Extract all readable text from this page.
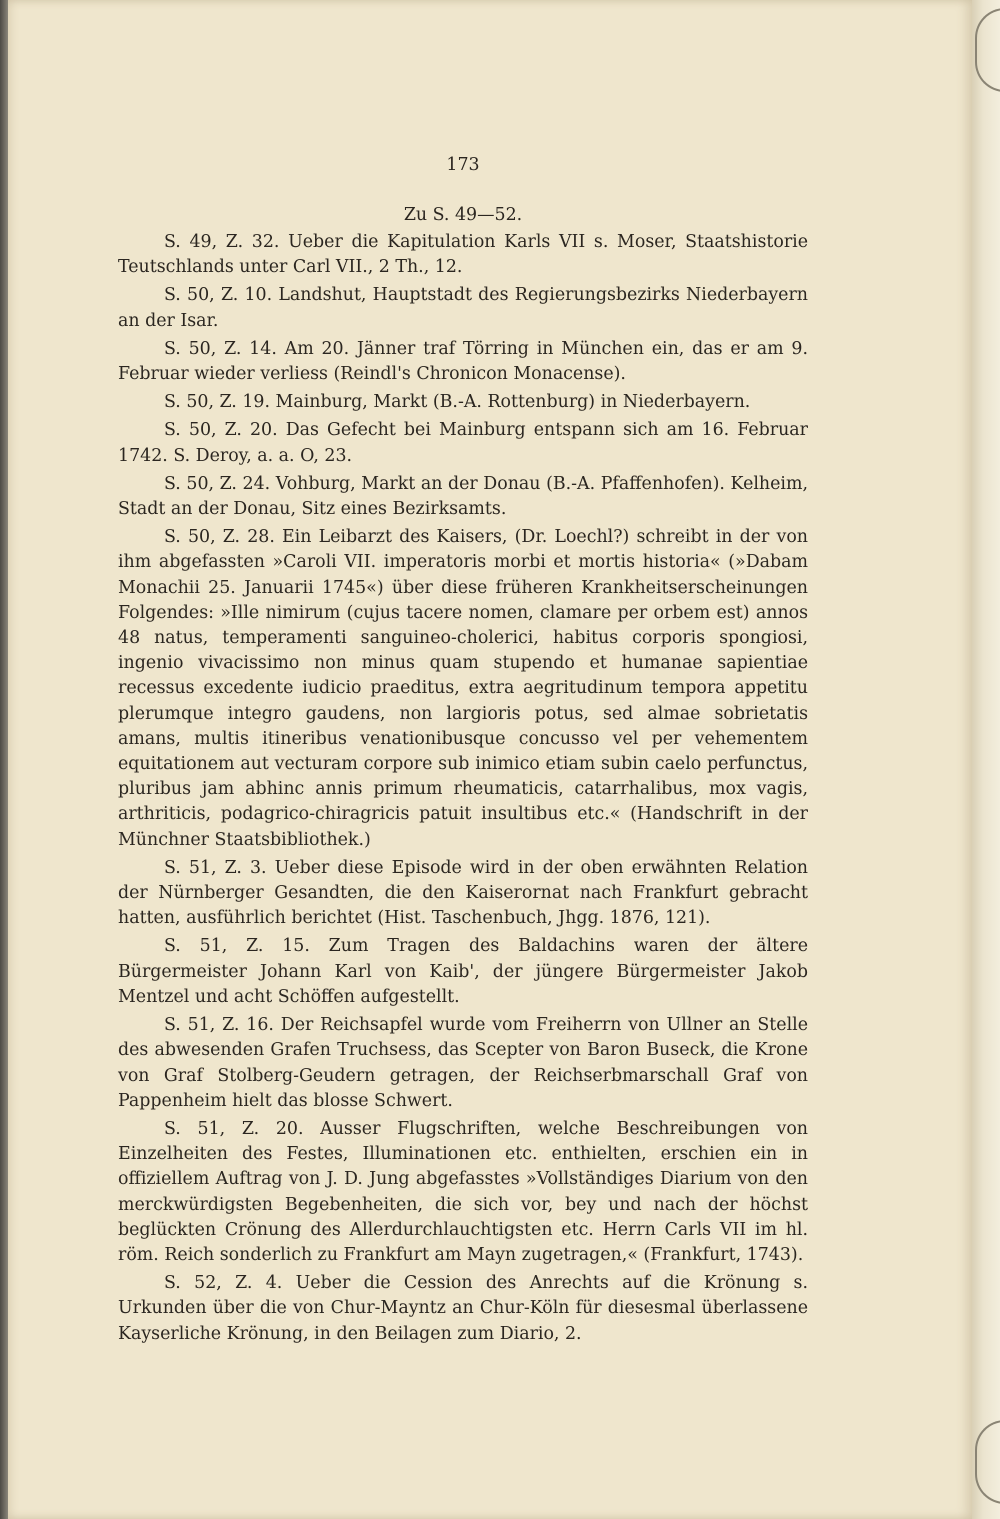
173
Zu S. 49—52.

S. 49, Z. 32. Ueber die Kapitulation Karls VII s. Moser, Staatshistorie Teutschlands unter Carl VII., 2 Th., 12.

S. 50, Z. 10. Landshut, Hauptstadt des Regierungsbezirks Niederbayern an der Isar.

S. 50, Z. 14. Am 20. Jänner traf Törring in München ein, das er am 9. Februar wieder verliess (Reindl's Chronicon Monacense).

S. 50, Z. 19. Mainburg, Markt (B.-A. Rottenburg) in Niederbayern.

S. 50, Z. 20. Das Gefecht bei Mainburg entspann sich am 16. Februar 1742. S. Deroy, a. a. O, 23.

S. 50, Z. 24. Vohburg, Markt an der Donau (B.-A. Pfaffenhofen). Kelheim, Stadt an der Donau, Sitz eines Bezirksamts.

S. 50, Z. 28. Ein Leibarzt des Kaisers, (Dr. Loechl?) schreibt in der von ihm abgefassten »Caroli VII. imperatoris morbi et mortis historia« (»Dabam Monachii 25. Januarii 1745«) über diese früheren Krankheitserscheinungen Folgendes: »Ille nimirum (cujus tacere nomen, clamare per orbem est) annos 48 natus, temperamenti sanguineo-cholerici, habitus corporis spongiosi, ingenio vivacissimo non minus quam stupendo et humanae sapientiae recessus excedente iudicio praeditus, extra aegritudinum tempora appetitu plerumque integro gaudens, non largioris potus, sed almae sobrietatis amans, multis itineribus venationibusque concusso vel per vehementem equitationem aut vecturam corpore sub inimico etiam subin caelo perfunctus, pluribus jam abhinc annis primum rheumaticis, catarrhalibus, mox vagis, arthriticis, podagrico-chiragricis patuit insultibus etc.« (Handschrift in der Münchner Staatsbibliothek.)

S. 51, Z. 3. Ueber diese Episode wird in der oben erwähnten Relation der Nürnberger Gesandten, die den Kaiserornat nach Frankfurt gebracht hatten, ausführlich berichtet (Hist. Taschenbuch, Jhgg. 1876, 121).

S. 51, Z. 15. Zum Tragen des Baldachins waren der ältere Bürgermeister Johann Karl von Kaib', der jüngere Bürgermeister Jakob Mentzel und acht Schöffen aufgestellt.

S. 51, Z. 16. Der Reichsapfel wurde vom Freiherrn von Ullner an Stelle des abwesenden Grafen Truchsess, das Scepter von Baron Buseck, die Krone von Graf Stolberg-Geudern getragen, der Reichserbmarschall Graf von Pappenheim hielt das blosse Schwert.

S. 51, Z. 20. Ausser Flugschriften, welche Beschreibungen von Einzelheiten des Festes, Illuminationen etc. enthielten, erschien ein in offiziellem Auftrag von J. D. Jung abgefasstes »Vollständiges Diarium von den merckwürdigsten Begebenheiten, die sich vor, bey und nach der höchst beglückten Crönung des Allerdurchlauchtigsten etc. Herrn Carls VII im hl. röm. Reich sonderlich zu Frankfurt am Mayn zugetragen,« (Frankfurt, 1743).

S. 52, Z. 4. Ueber die Cession des Anrechts auf die Krönung s. Urkunden über die von Chur-Mayntz an Chur-Köln für diesesmal überlassene Kayserliche Krönung, in den Beilagen zum Diario, 2.
